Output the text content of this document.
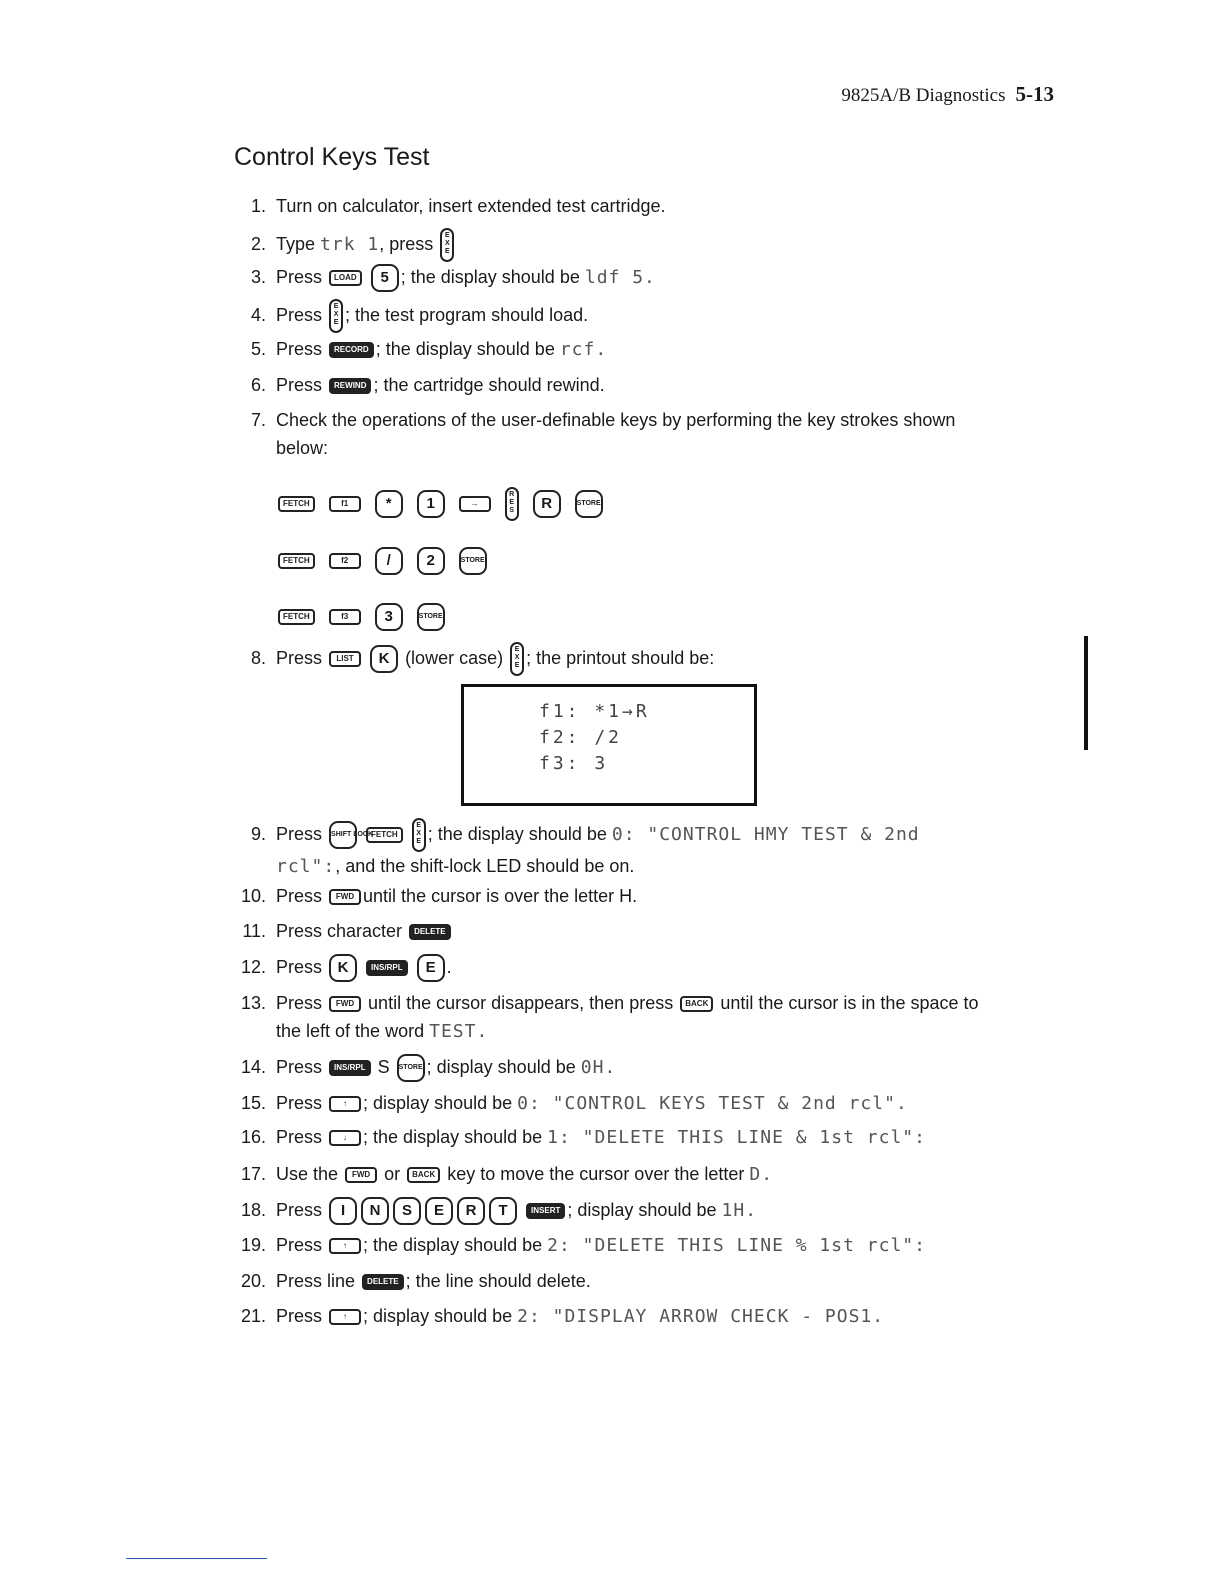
9825A/B Diagnostics 5-13
Control Keys Test
1. Turn on calculator, insert extended test cartridge.
2. Type trk 1, press E
X
E
3. Press LOAD 5 ; the display should be ldf 5.
4. Press E
X
E ; the test program should load.
5. Press RECORD ; the display should be rcf.
6. Press REWIND ; the cartridge should rewind.
7. Check the operations of the user-definable keys by performing the key strokes shown
below:
FETCH	f1	*	1	→
R
E
S	R	STORE
FETCH	f2	/	2	STORE
FETCH	f3	3	STORE
8. Press LIST K (lower case) E
X
E ; the printout should be:
f1: *1→R
f2: /2
f3: 3
9. Press SHIFT LOCK FETCH E
X
E ; the display should be 0: "CONTROL HMY TEST & 2nd
rcl":, and the shift-lock LED should be on.
10. Press FWD until the cursor is over the letter H.
11. Press character DELETE
12. Press K	INS/RPL E .
13. Press FWD until the cursor disappears, then press BACK until the cursor is in the space to
the left of the word TEST.
14. Press INS/RPL S STORE ; display should be 0H.
15. Press	↑ ; display should be 0: "CONTROL KEYS TEST & 2nd rcl".
16. Press	↓ ; the display should be 1: "DELETE THIS LINE & 1st rcl":
17. Use the FWD or BACK key to move the cursor over the letter D.
18. Press I N S E R T	INSERT ; display should be 1H.
19. Press	↑ ; the display should be 2: "DELETE THIS LINE % 1st rcl":
20. Press line DELETE ; the line should delete.
21. Press	↑ ; display should be 2: "DISPLAY ARROW CHECK - POS1.
